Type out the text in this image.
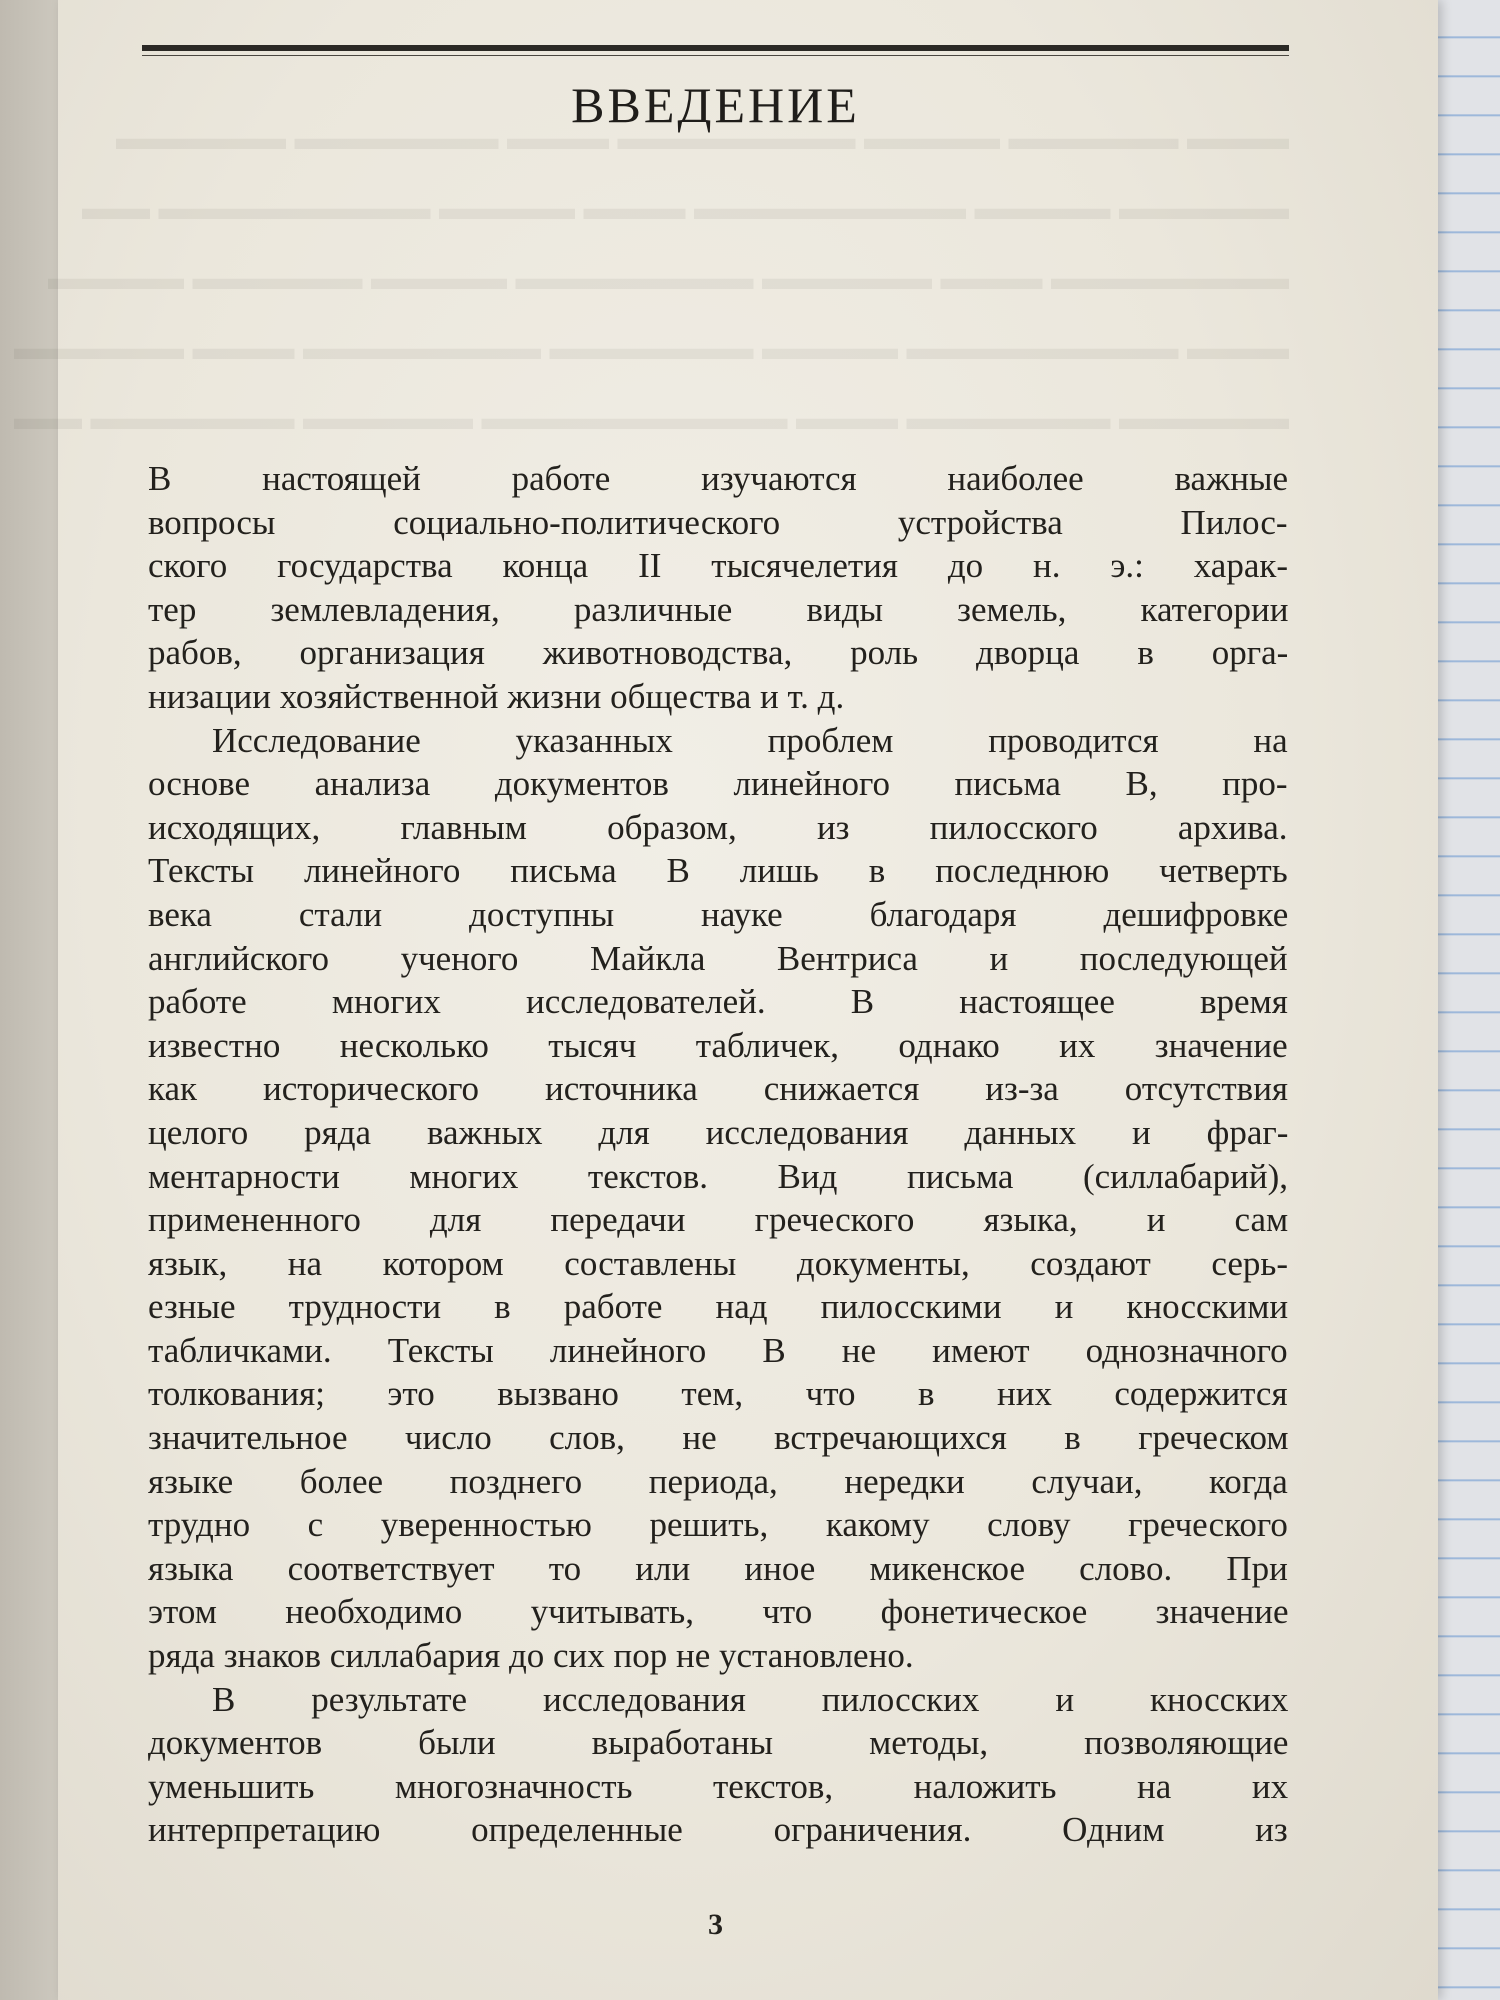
▬▬▬ ▬▬▬▬▬ ▬▬▬▬ ▬▬▬▬▬▬▬ ▬▬▬ ▬▬▬▬▬▬ ▬▬▬▬▬
▬▬▬▬▬ ▬▬▬▬ ▬▬▬▬▬▬▬▬ ▬▬▬ ▬▬▬▬ ▬▬▬▬▬▬▬▬ ▬▬
▬▬▬▬▬▬▬ ▬▬▬ ▬▬▬▬▬ ▬▬▬▬▬▬▬ ▬▬▬▬ ▬▬▬▬▬ ▬▬▬▬
▬▬▬ ▬▬▬▬▬▬▬▬ ▬▬▬▬ ▬▬▬▬▬▬ ▬▬▬▬▬▬▬ ▬▬▬ ▬▬▬▬▬
▬▬▬▬▬ ▬▬▬▬▬▬ ▬▬▬ ▬▬▬▬▬▬▬▬▬ ▬▬▬▬▬ ▬▬▬▬▬▬ ▬▬
ВВЕДЕНИЕ
В настоящей работе изучаются наиболее важные
вопросы социально-политического устройства Пилос-
ского государства конца II тысячелетия до н. э.: харак-
тер землевладения, различные виды земель, категории
рабов, организация животноводства, роль дворца в орга-
низации хозяйственной жизни общества и т. д.
Исследование указанных проблем проводится на
основе анализа документов линейного письма B, про-
исходящих, главным образом, из пилосского архива.
Тексты линейного письма B лишь в последнюю четверть
века стали доступны науке благодаря дешифровке
английского ученого Майкла Вентриса и последующей
работе многих исследователей. В настоящее время
известно несколько тысяч табличек, однако их значение
как исторического источника снижается из-за отсутствия
целого ряда важных для исследования данных и фраг-
ментарности многих текстов. Вид письма (силлабарий),
примененного для передачи греческого языка, и сам
язык, на котором составлены документы, создают серь-
езные трудности в работе над пилосскими и кносскими
табличками. Тексты линейного B не имеют однозначного
толкования; это вызвано тем, что в них содержится
значительное число слов, не встречающихся в греческом
языке более позднего периода, нередки случаи, когда
трудно с уверенностью решить, какому слову греческого
языка соответствует то или иное микенское слово. При
этом необходимо учитывать, что фонетическое значение
ряда знаков силлабария до сих пор не установлено.
В результате исследования пилосских и кносских
документов были выработаны методы, позволяющие
уменьшить многозначность текстов, наложить на их
интерпретацию определенные ограничения. Одним из
3
